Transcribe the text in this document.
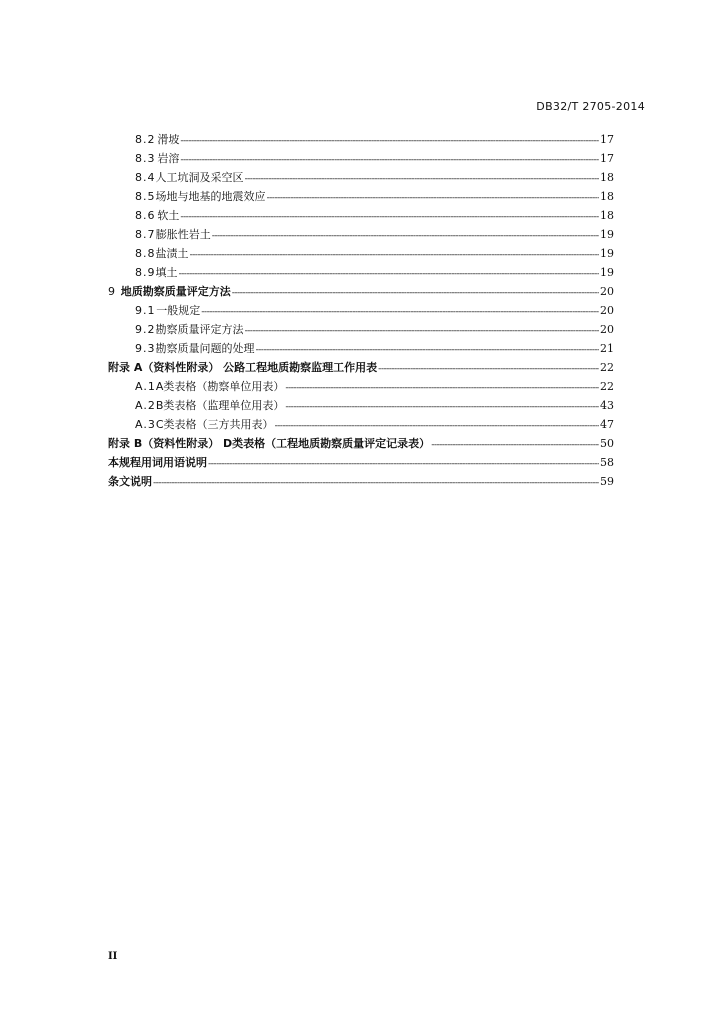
DB32/T 2705-2014
8.2 滑坡 -----	17
8.3 岩溶 -----	17
8.4 人工坑洞及采空区 -----	18
8.5 场地与地基的地震效应 -----	18
8.6 软土 -----	18
8.7 膨胀性岩土 -----	19
8.8 盐渍土 -----	19
8.9 填土 -----	19
9 地质勘察质量评定方法 -----	20
9.1 一般规定 -----	20
9.2 勘察质量评定方法 -----	20
9.3 勘察质量问题的处理 -----	21
附录 A（资料性附录） 公路工程地质勘察监理工作用表 -----	22
A.1 A类表格（勘察单位用表） -----	22
A.2 B类表格（监理单位用表） -----	43
A.3 C类表格（三方共用表） -----	47
附录 B（资料性附录） D类表格（工程地质勘察质量评定记录表） -----	50
本规程用词用语说明 -----	58
条文说明 -----	59
II
